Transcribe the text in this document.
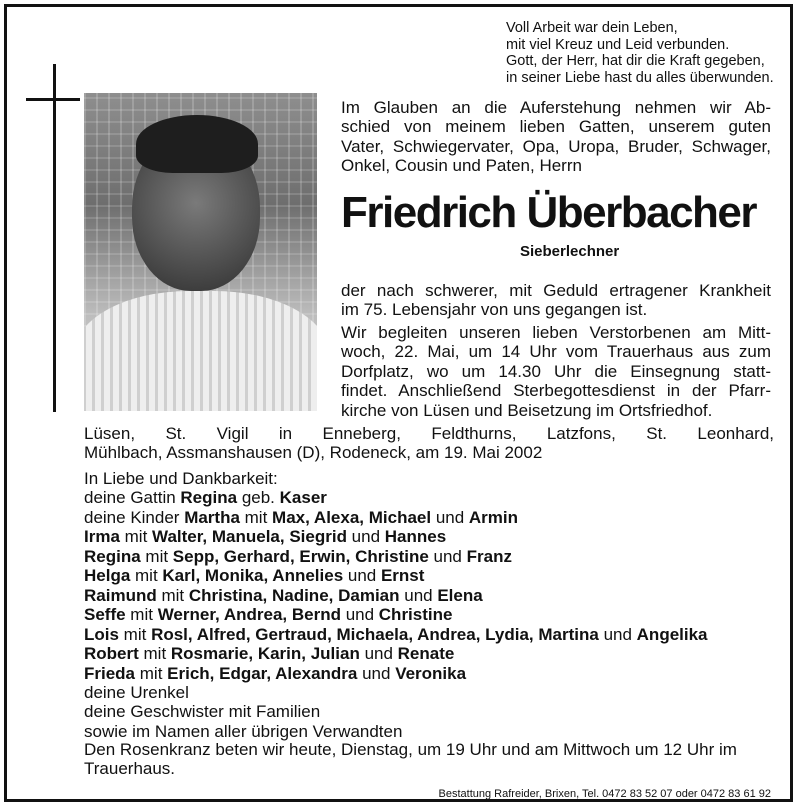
Voll Arbeit war dein Leben,
mit viel Kreuz und Leid verbunden.
Gott, der Herr, hat dir die Kraft gegeben,
in seiner Liebe hast du alles überwunden.
Im Glauben an die Auferstehung nehmen wir Ab-
schied von meinem lieben Gatten, unserem guten
Vater, Schwiegervater, Opa, Uropa, Bruder, Schwager,
Onkel, Cousin und Paten, Herrn
Friedrich Überbacher
Sieberlechner
der nach schwerer, mit Geduld ertragener Krankheit
im 75. Lebensjahr von uns gegangen ist.
Wir begleiten unseren lieben Verstorbenen am Mitt-
woch, 22. Mai, um 14 Uhr vom Trauerhaus aus zum
Dorfplatz, wo um 14.30 Uhr die Einsegnung statt-
findet. Anschließend Sterbegottesdienst in der Pfarr-
kirche von Lüsen und Beisetzung im Ortsfriedhof.
Lüsen, St. Vigil in Enneberg, Feldthurns, Latzfons, St. Leonhard,
Mühlbach, Assmanshausen (D), Rodeneck, am 19. Mai 2002
In Liebe und Dankbarkeit:
deine Gattin Regina geb. Kaser
deine Kinder Martha mit Max, Alexa, Michael und Armin
Irma mit Walter, Manuela, Siegrid und Hannes
Regina mit Sepp, Gerhard, Erwin, Christine und Franz
Helga mit Karl, Monika, Annelies und Ernst
Raimund mit Christina, Nadine, Damian und Elena
Seffe mit Werner, Andrea, Bernd und Christine
Lois mit Rosl, Alfred, Gertraud, Michaela, Andrea, Lydia, Martina und Angelika
Robert mit Rosmarie, Karin, Julian und Renate
Frieda mit Erich, Edgar, Alexandra und Veronika
deine Urenkel
deine Geschwister mit Familien
sowie im Namen aller übrigen Verwandten
Den Rosenkranz beten wir heute, Dienstag, um 19 Uhr und am Mittwoch um 12 Uhr im
Trauerhaus.
Bestattung Rafreider, Brixen, Tel. 0472 83 52 07 oder 0472 83 61 92
